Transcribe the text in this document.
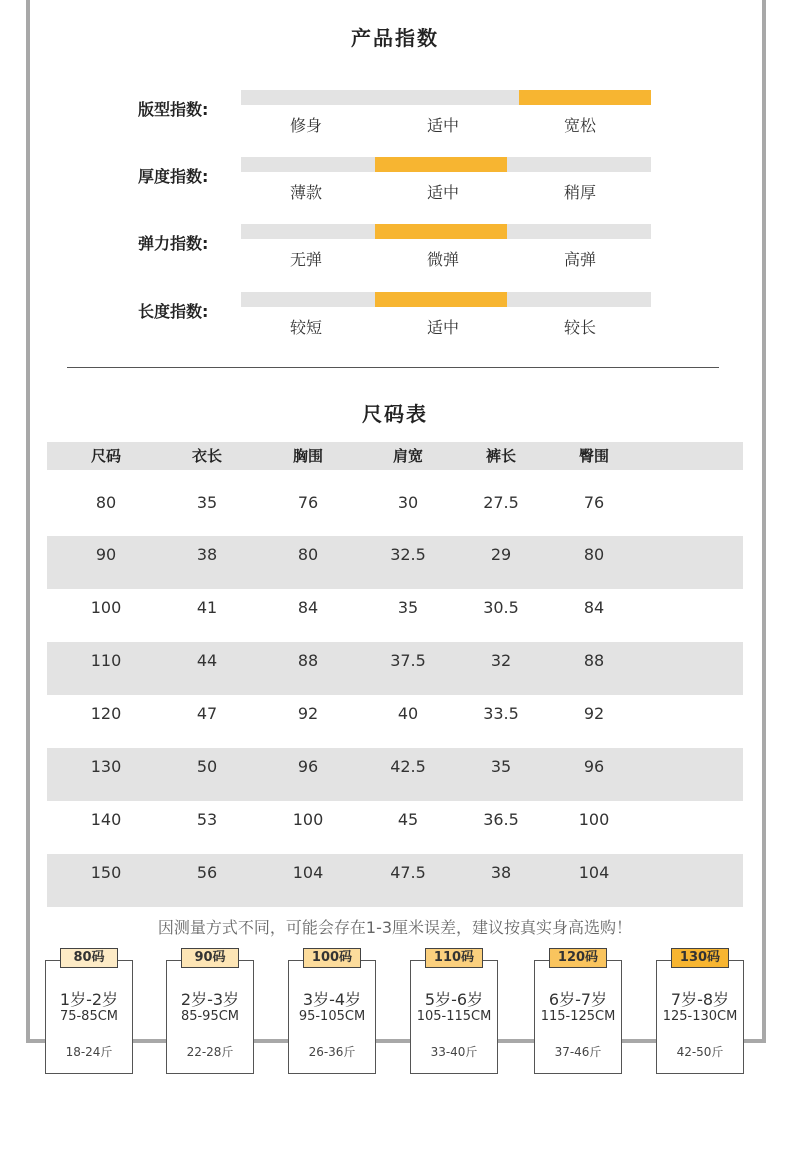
产品指数
版型指数:
修身	适中	宽松
厚度指数:
薄款	适中	稍厚
弹力指数:
无弹	微弹	高弹
长度指数:
较短	适中	较长
尺码表
尺码	衣长	胸围	肩宽	裤长	臀围
80	35	76	30	27.5	76
90	38	80	32.5	29	80
100	41	84	35	30.5	84
110	44	88	37.5	32	88
120	47	92	40	33.5	92
130	50	96	42.5	35	96
140	53	100	45	36.5	100
150	56	104	47.5	38	104
因测量方式不同，可能会存在1-3厘米误差，建议按真实身高选购！
1岁-2岁
75-85CM
18-24斤
80码
2岁-3岁
85-95CM
22-28斤
90码
3岁-4岁
95-105CM
26-36斤
100码
5岁-6岁
105-115CM
33-40斤
110码
6岁-7岁
115-125CM
37-46斤
120码
7岁-8岁
125-130CM
42-50斤
130码
